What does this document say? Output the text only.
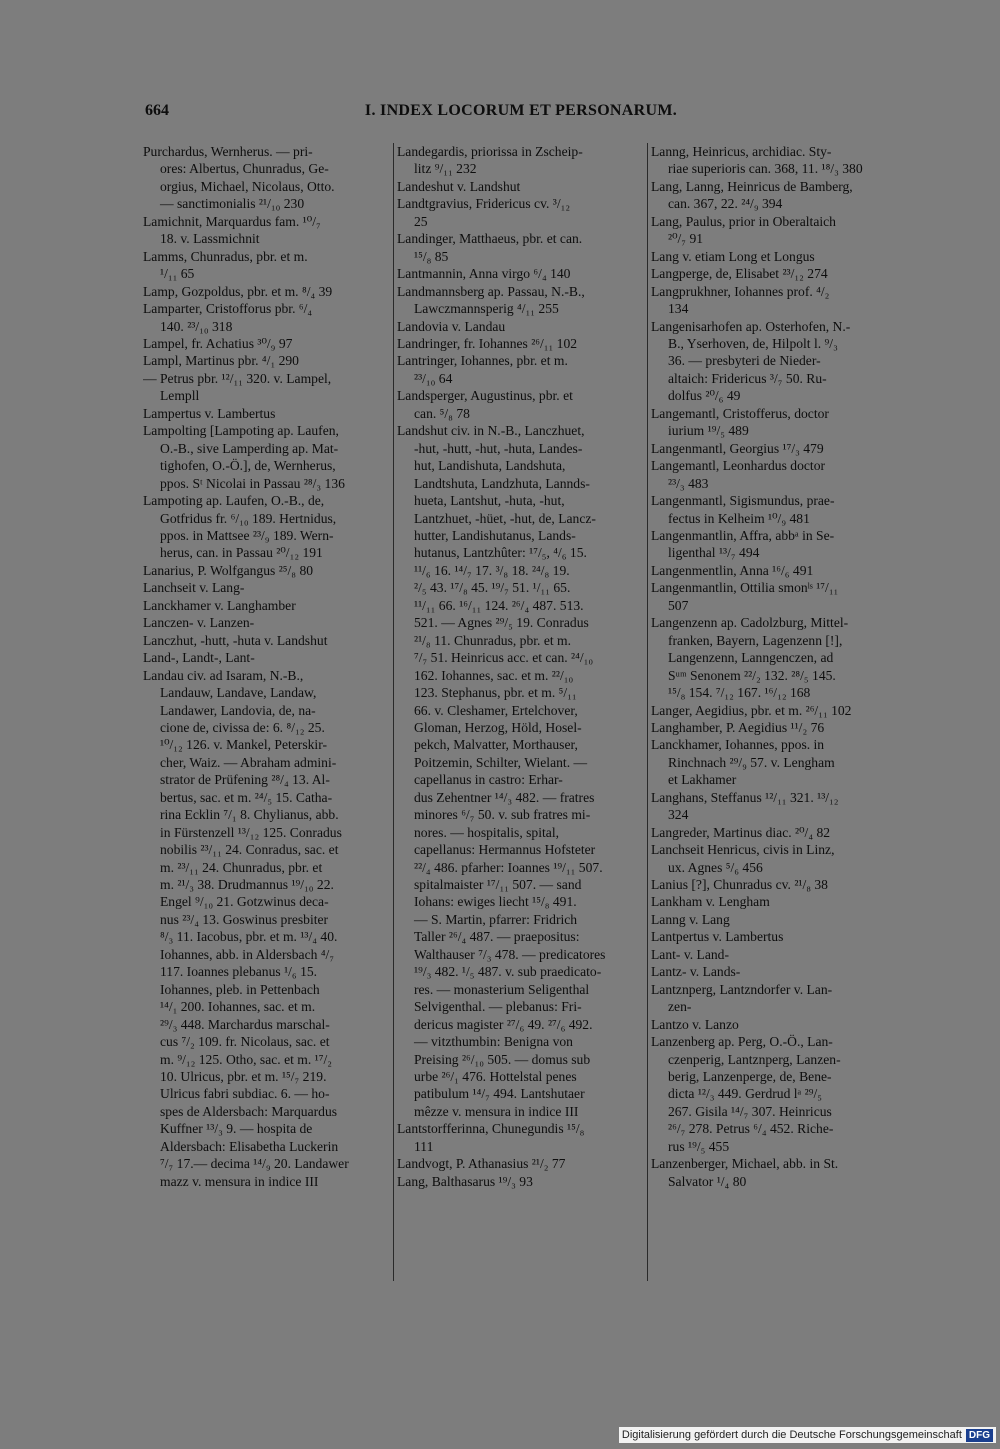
664	I. INDEX LOCORUM ET PERSONARUM.
Purchardus, Wernherus. — pri-
ores: Albertus, Chunradus, Ge-
orgius, Michael, Nicolaus, Otto.
— sanctimonialis ²¹/₁₀ 230
Lamichnit, Marquardus fam. ¹⁰/₇
18. v. Lassmichnit
Lamms, Chunradus, pbr. et m.
¹/₁₁ 65
Lamp, Gozpoldus, pbr. et m. ⁸/₄ 39
Lamparter, Cristofforus pbr. ⁶/₄
140. ²³/₁₀ 318
Lampel, fr. Achatius ³⁰/₉ 97
Lampl, Martinus pbr. ⁴/₁ 290
— Petrus pbr. ¹²/₁₁ 320. v. Lampel,
Lempll
Lampertus v. Lambertus
Lampolting [Lampoting ap. Laufen,
O.-B., sive Lamperding ap. Mat-
tighofen, O.-Ö.], de, Wernherus,
ppos. Sᵗ Nicolai in Passau ²⁸/₃ 136
Lampoting ap. Laufen, O.-B., de,
Gotfridus fr. ⁶/₁₀ 189. Hertnidus,
ppos. in Mattsee ²³/₉ 189. Wern-
herus, can. in Passau ²⁰/₁₂ 191
Lanarius, P. Wolfgangus ²⁵/₈ 80
Lanchseit v. Lang-
Lanckhamer v. Langhamber
Lanczen- v. Lanzen-
Lanczhut, -hutt, -huta v. Landshut
Land-, Landt-, Lant-
Landau civ. ad Isaram, N.-B.,
Landauw, Landave, Landaw,
Landawer, Landovia, de, na-
cione de, civissa de: 6. ⁸/₁₂ 25.
¹⁰/₁₂ 126. v. Mankel, Peterskir-
cher, Waiz. — Abraham admini-
strator de Prüfening ²⁸/₄ 13. Al-
bertus, sac. et m. ²⁴/₅ 15. Catha-
rina Ecklin ⁷/₁ 8. Chylianus, abb.
in Fürstenzell ¹³/₁₂ 125. Conradus
nobilis ²³/₁₁ 24. Conradus, sac. et
m. ²³/₁₁ 24. Chunradus, pbr. et
m. ²¹/₃ 38. Drudmannus ¹⁹/₁₀ 22.
Engel ⁹/₁₀ 21. Gotzwinus deca-
nus ²³/₄ 13. Goswinus presbiter
⁸/₃ 11. Iacobus, pbr. et m. ¹³/₄ 40.
Iohannes, abb. in Aldersbach ⁴/₇
117. Ioannes plebanus ¹/₆ 15.
Iohannes, pleb. in Pettenbach
¹⁴/₁ 200. Iohannes, sac. et m.
²⁹/₃ 448. Marchardus marschal-
cus ⁷/₂ 109. fr. Nicolaus, sac. et
m. ⁹/₁₂ 125. Otho, sac. et m. ¹⁷/₂
10. Ulricus, pbr. et m. ¹⁵/₇ 219.
Ulricus fabri subdiac. 6. — ho-
spes de Aldersbach: Marquardus
Kuffner ¹³/₃ 9. — hospita de
Aldersbach: Elisabetha Luckerin
⁷/₇ 17.— decima ¹⁴/₉ 20. Landawer
mazz v. mensura in indice III
Landegardis, priorissa in Zscheip-
litz ⁹/₁₁ 232
Landeshut v. Landshut
Landtgravius, Fridericus cv. ³/₁₂
25
Landinger, Matthaeus, pbr. et can.
¹⁵/₈ 85
Lantmannin, Anna virgo ⁶/₄ 140
Landmannsberg ap. Passau, N.-B.,
Lawczmannsperig ⁴/₁₁ 255
Landovia v. Landau
Landringer, fr. Iohannes ²⁶/₁₁ 102
Lantringer, Iohannes, pbr. et m.
²³/₁₀ 64
Landsperger, Augustinus, pbr. et
can. ⁵/₈ 78
Landshut civ. in N.-B., Lanczhuet,
-hut, -hutt, -hut, -huta, Landes-
hut, Landishuta, Landshuta,
Landtshuta, Landzhuta, Lannds-
hueta, Lantshut, -huta, -hut,
Lantzhuet, -hüet, -hut, de, Lancz-
hutter, Landishutanus, Lands-
hutanus, Lantzhûter: ¹⁷/₅, ⁴/₆ 15.
¹¹/₆ 16. ¹⁴/₇ 17. ³/₈ 18. ²⁴/₈ 19.
²/₅ 43. ¹⁷/₈ 45. ¹⁹/₇ 51. ¹/₁₁ 65.
¹¹/₁₁ 66. ¹⁶/₁₁ 124. ²⁶/₄ 487. 513.
521. — Agnes ²⁹/₅ 19. Conradus
²¹/₈ 11. Chunradus, pbr. et m.
⁷/₇ 51. Heinricus acc. et can. ²⁴/₁₀
162. Iohannes, sac. et m. ²²/₁₀
123. Stephanus, pbr. et m. ⁵/₁₁
66. v. Cleshamer, Ertelchover,
Gloman, Herzog, Höld, Hosel-
pekch, Malvatter, Morthauser,
Poitzemin, Schilter, Wielant. —
capellanus in castro: Erhar-
dus Zehentner ¹⁴/₃ 482. — fratres
minores ⁶/₇ 50. v. sub fratres mi-
nores. — hospitalis, spital,
capellanus: Hermannus Hofsteter
²²/₄ 486. pfarher: Ioannes ¹⁹/₁₁ 507.
spitalmaister ¹⁷/₁₁ 507. — sand
Iohans: ewiges liecht ¹⁵/₈ 491.
— S. Martin, pfarrer: Fridrich
Taller ²⁶/₄ 487. — praepositus:
Walthauser ⁷/₃ 478. — predicatores
¹⁹/₃ 482. ¹/₅ 487. v. sub praedicato-
res. — monasterium Seligenthal
Selvigenthal. — plebanus: Fri-
dericus magister ²⁷/₆ 49. ²⁷/₆ 492.
— vitzthumbin: Benigna von
Preising ²⁶/₁₀ 505. — domus sub
urbe ²⁶/₁ 476. Hottelstal penes
patibulum ¹⁴/₇ 494. Lantshutaer
mêzze v. mensura in indice III
Lantstorfferinna, Chunegundis ¹⁵/₈
111
Landvogt, P. Athanasius ²¹/₂ 77
Lang, Balthasarus ¹⁹/₃ 93
Lanng, Heinricus, archidiac. Sty-
riae superioris can. 368, 11. ¹⁸/₃ 380
Lang, Lanng, Heinricus de Bamberg,
can. 367, 22. ²⁴/₉ 394
Lang, Paulus, prior in Oberaltaich
²⁰/₇ 91
Lang v. etiam Long et Longus
Langperge, de, Elisabet ²³/₁₂ 274
Langprukhner, Iohannes prof. ⁴/₂
134
Langenisarhofen ap. Osterhofen, N.-
B., Yserhoven, de, Hilpolt l. ⁹/₃
36. — presbyteri de Nieder-
altaich: Fridericus ³/₇ 50. Ru-
dolfus ²⁰/₆ 49
Langemantl, Cristofferus, doctor
iurium ¹⁹/₅ 489
Langenmantl, Georgius ¹⁷/₃ 479
Langemantl, Leonhardus doctor
²³/₃ 483
Langenmantl, Sigismundus, prae-
fectus in Kelheim ¹⁰/₉ 481
Langenmantlin, Affra, abbᵃ in Se-
ligenthal ¹³/₇ 494
Langenmentlin, Anna ¹⁶/₆ 491
Langenmantlin, Ottilia smonˡˢ ¹⁷/₁₁
507
Langenzenn ap. Cadolzburg, Mittel-
franken, Bayern, Lagenzenn [!],
Langenzenn, Lanngenczen, ad
Sᵘᵐ Senonem ²²/₂ 132. ²⁸/₅ 145.
¹⁵/₈ 154. ⁷/₁₂ 167. ¹⁶/₁₂ 168
Langer, Aegidius, pbr. et m. ²⁶/₁₁ 102
Langhamber, P. Aegidius ¹¹/₂ 76
Lanckhamer, Iohannes, ppos. in
Rinchnach ²⁹/₉ 57. v. Lengham
et Lakhamer
Langhans, Steffanus ¹²/₁₁ 321. ¹³/₁₂
324
Langreder, Martinus diac. ²⁰/₄ 82
Lanchseit Henricus, civis in Linz,
ux. Agnes ⁵/₆ 456
Lanius [?], Chunradus cv. ²¹/₈ 38
Lankham v. Lengham
Lanng v. Lang
Lantpertus v. Lambertus
Lant- v. Land-
Lantz- v. Lands-
Lantznperg, Lantzndorfer v. Lan-
zen-
Lantzo v. Lanzo
Lanzenberg ap. Perg, O.-Ö., Lan-
czenperig, Lantznperg, Lanzen-
berig, Lanzenperge, de, Bene-
dicta ¹²/₃ 449. Gerdrud lᵃ ²⁹/₅
267. Gisila ¹⁴/₇ 307. Heinricus
²⁶/₇ 278. Petrus ⁶/₄ 452. Riche-
rus ¹⁹/₅ 455
Lanzenberger, Michael, abb. in St.
Salvator ¹/₄ 80
Digitalisierung gefördert durch die Deutsche Forschungsgemeinschaft DFG
